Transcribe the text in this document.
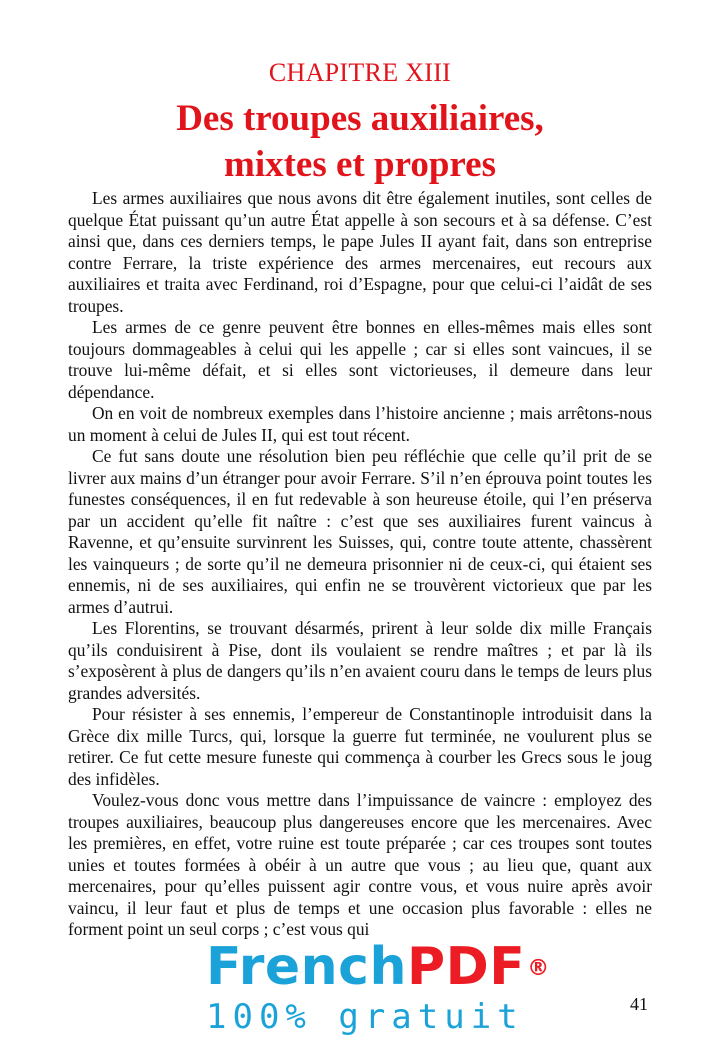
CHAPITRE XIII
Des troupes auxiliaires,
mixtes et propres

Les armes auxiliaires que nous avons dit être également inutiles, sont celles de quelque État puissant qu’un autre État appelle à son secours et à sa défense. C’est ainsi que, dans ces derniers temps, le pape Jules II ayant fait, dans son entreprise contre Ferrare, la triste expérience des armes mercenaires, eut recours aux auxiliaires et traita avec Ferdinand, roi d’Espagne, pour que celui-ci l’aidât de ses troupes.

Les armes de ce genre peuvent être bonnes en elles-mêmes mais elles sont toujours dommageables à celui qui les appelle ; car si elles sont vaincues, il se trouve lui-même défait, et si elles sont victorieuses, il demeure dans leur dépendance.

On en voit de nombreux exemples dans l’histoire ancienne ; mais arrêtons-nous un moment à celui de Jules II, qui est tout récent.

Ce fut sans doute une résolution bien peu réfléchie que celle qu’il prit de se livrer aux mains d’un étranger pour avoir Ferrare. S’il n’en éprouva point toutes les funestes conséquences, il en fut redevable à son heureuse étoile, qui l’en préserva par un accident qu’elle fit naître : c’est que ses auxiliaires furent vaincus à Ravenne, et qu’ensuite survinrent les Suisses, qui, contre toute attente, chassèrent les vainqueurs ; de sorte qu’il ne demeura prisonnier ni de ceux-ci, qui étaient ses ennemis, ni de ses auxiliaires, qui enfin ne se trouvèrent victorieux que par les armes d’autrui.

Les Florentins, se trouvant désarmés, prirent à leur solde dix mille Français qu’ils conduisirent à Pise, dont ils voulaient se rendre maîtres ; et par là ils s’exposèrent à plus de dangers qu’ils n’en avaient couru dans le temps de leurs plus grandes adversités.

Pour résister à ses ennemis, l’empereur de Constantinople introduisit dans la Grèce dix mille Turcs, qui, lorsque la guerre fut terminée, ne voulurent plus se retirer. Ce fut cette mesure funeste qui commença à courber les Grecs sous le joug des infidèles.

Voulez-vous donc vous mettre dans l’impuissance de vaincre : employez des troupes auxiliaires, beaucoup plus dangereuses encore que les mercenaires. Avec les premières, en effet, votre ruine est toute préparée ; car ces troupes sont toutes unies et toutes formées à obéir à un autre que vous ; au lieu que, quant aux mercenaires, pour qu’elles puissent agir contre vous, et vous nuire après avoir vaincu, il leur faut et plus de temps et une occasion plus favorable : elles ne forment point un seul corps ; c’est vous qui

FrenchPDF®
100% gratuit	41
